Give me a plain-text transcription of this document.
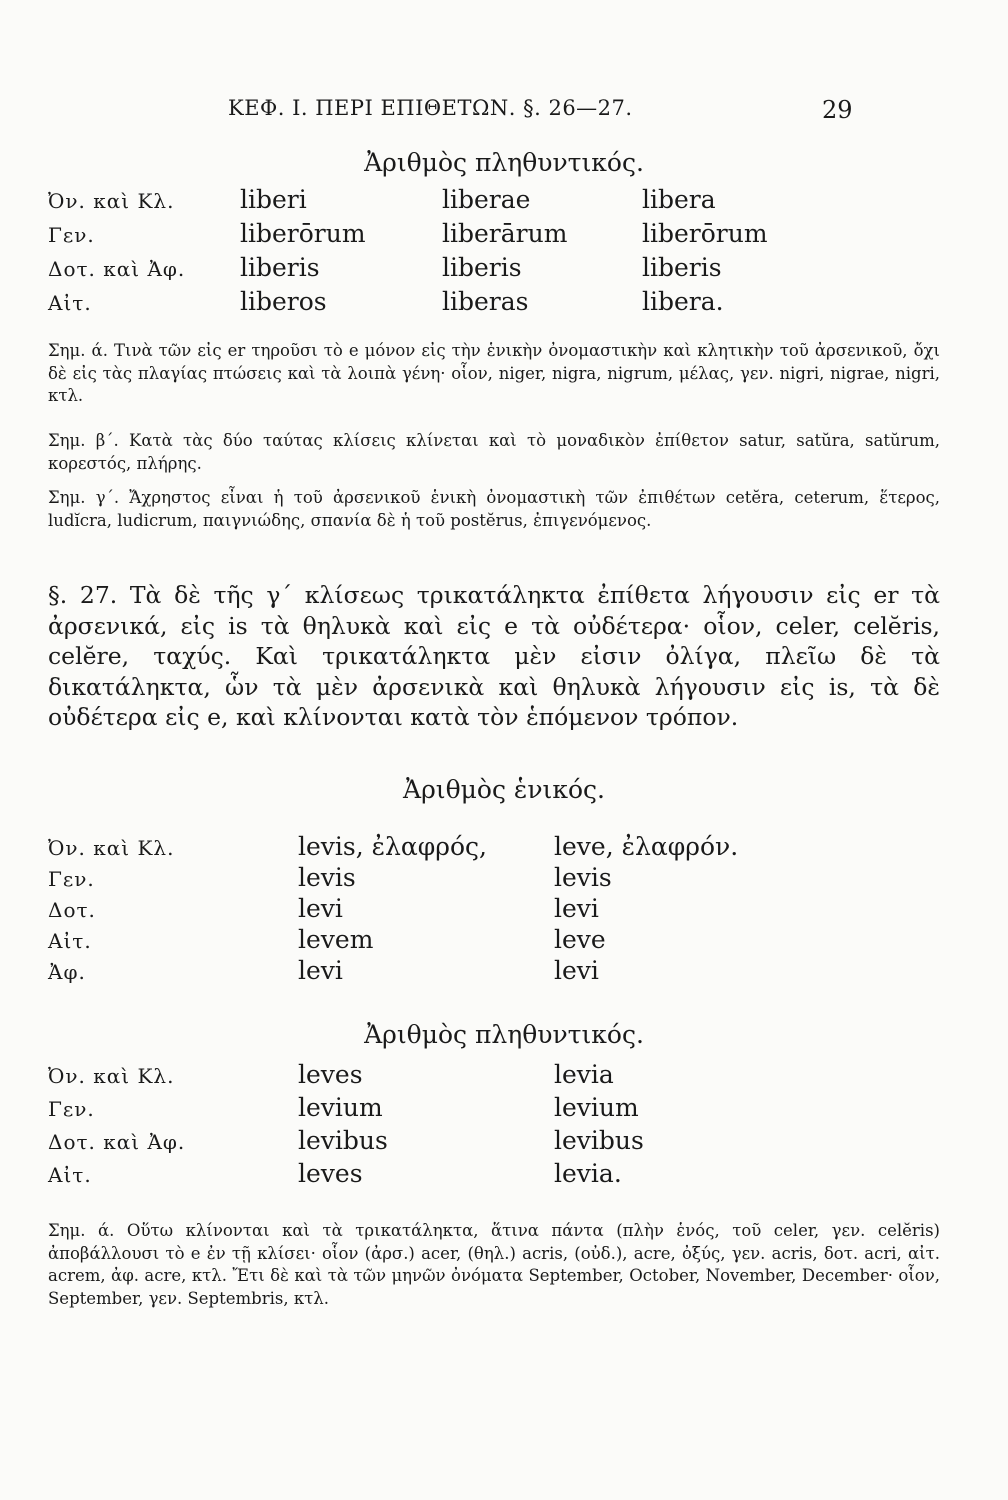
ΚΕΦ. Ι. ΠΕΡΙ ΕΠΙΘΕΤΩΝ. §. 26—27.	29
Ἀριθμὸς πληθυντικός.
Ὀν. καὶ Κλ.	liberi	liberae	libera
Γεν.	liberōrum	liberārum	liberōrum
Δοτ. καὶ Ἀφ.	liberis	liberis	liberis
Αἰτ.	liberos	liberas	libera.
Σημ. ά. Τινὰ τῶν εἰς er τηροῦσι τὸ e μόνον εἰς τὴν ἑνικὴν ὀνομαστικὴν καὶ κλητικὴν τοῦ ἀρσενικοῦ, ὄχι δὲ εἰς τὰς πλαγίας πτώσεις καὶ τὰ λοιπὰ γένη· οἷον, niger, nigra, nigrum, μέλας, γεν. nigri, nigrae, nigri, κτλ.
Σημ. β΄. Κατὰ τὰς δύο ταύτας κλίσεις κλίνεται καὶ τὸ μοναδικὸν ἐπίθετον satur, satŭra, satŭrum, κορεστός, πλήρης.
Σημ. γ΄. Ἄχρηστος εἶναι ἡ τοῦ ἀρσενικοῦ ἑνικὴ ὀνομαστικὴ τῶν ἐπιθέτων cetĕra, ceterum, ἕτερος, ludĭcra, ludicrum, παιγνιώδης, σπανία δὲ ἡ τοῦ postĕrus, ἐπιγενόμενος.
§. 27. Τὰ δὲ τῆς γ΄ κλίσεως τρικατάληκτα ἐπίθετα λήγουσιν εἰς er τὰ ἀρσενικά, εἰς is τὰ θηλυκὰ καὶ εἰς e τὰ οὐδέτερα· οἷον, celer, celĕris, celĕre, ταχύς. Καὶ τρικατάληκτα μὲν εἰσιν ὀλίγα, πλεῖω δὲ τὰ δικατάληκτα, ὧν τὰ μὲν ἀρσενικὰ καὶ θηλυκὰ λήγουσιν εἰς is, τὰ δὲ οὐδέτερα εἰς e, καὶ κλίνονται κατὰ τὸν ἑπόμενον τρόπον.
Ἀριθμὸς ἑνικός.
Ὀν. καὶ Κλ.	levis, ἐλαφρός,	leve, ἐλαφρόν.
Γεν.	levis	levis
Δοτ.	levi	levi
Αἰτ.	levem	leve
Ἀφ.	levi	levi
Ἀριθμὸς πληθυντικός.
Ὀν. καὶ Κλ.	leves	levia
Γεν.	levium	levium
Δοτ. καὶ Ἀφ.	levibus	levibus
Αἰτ.	leves	levia.
Σημ. ά. Οὕτω κλίνονται καὶ τὰ τρικατάληκτα, ἅτινα πάντα (πλὴν ἑνός, τοῦ celer, γεν. celĕris) ἀποβάλλουσι τὸ e ἐν τῇ κλίσει· οἷον (ἀρσ.) acer, (θηλ.) acris, (οὐδ.), acre, ὀξύς, γεν. acris, δοτ. acri, αἰτ. acrem, ἀφ. acre, κτλ. Ἔτι δὲ καὶ τὰ τῶν μηνῶν ὀνόματα September, October, November, December· οἷον, September, γεν. Septembris, κτλ.
